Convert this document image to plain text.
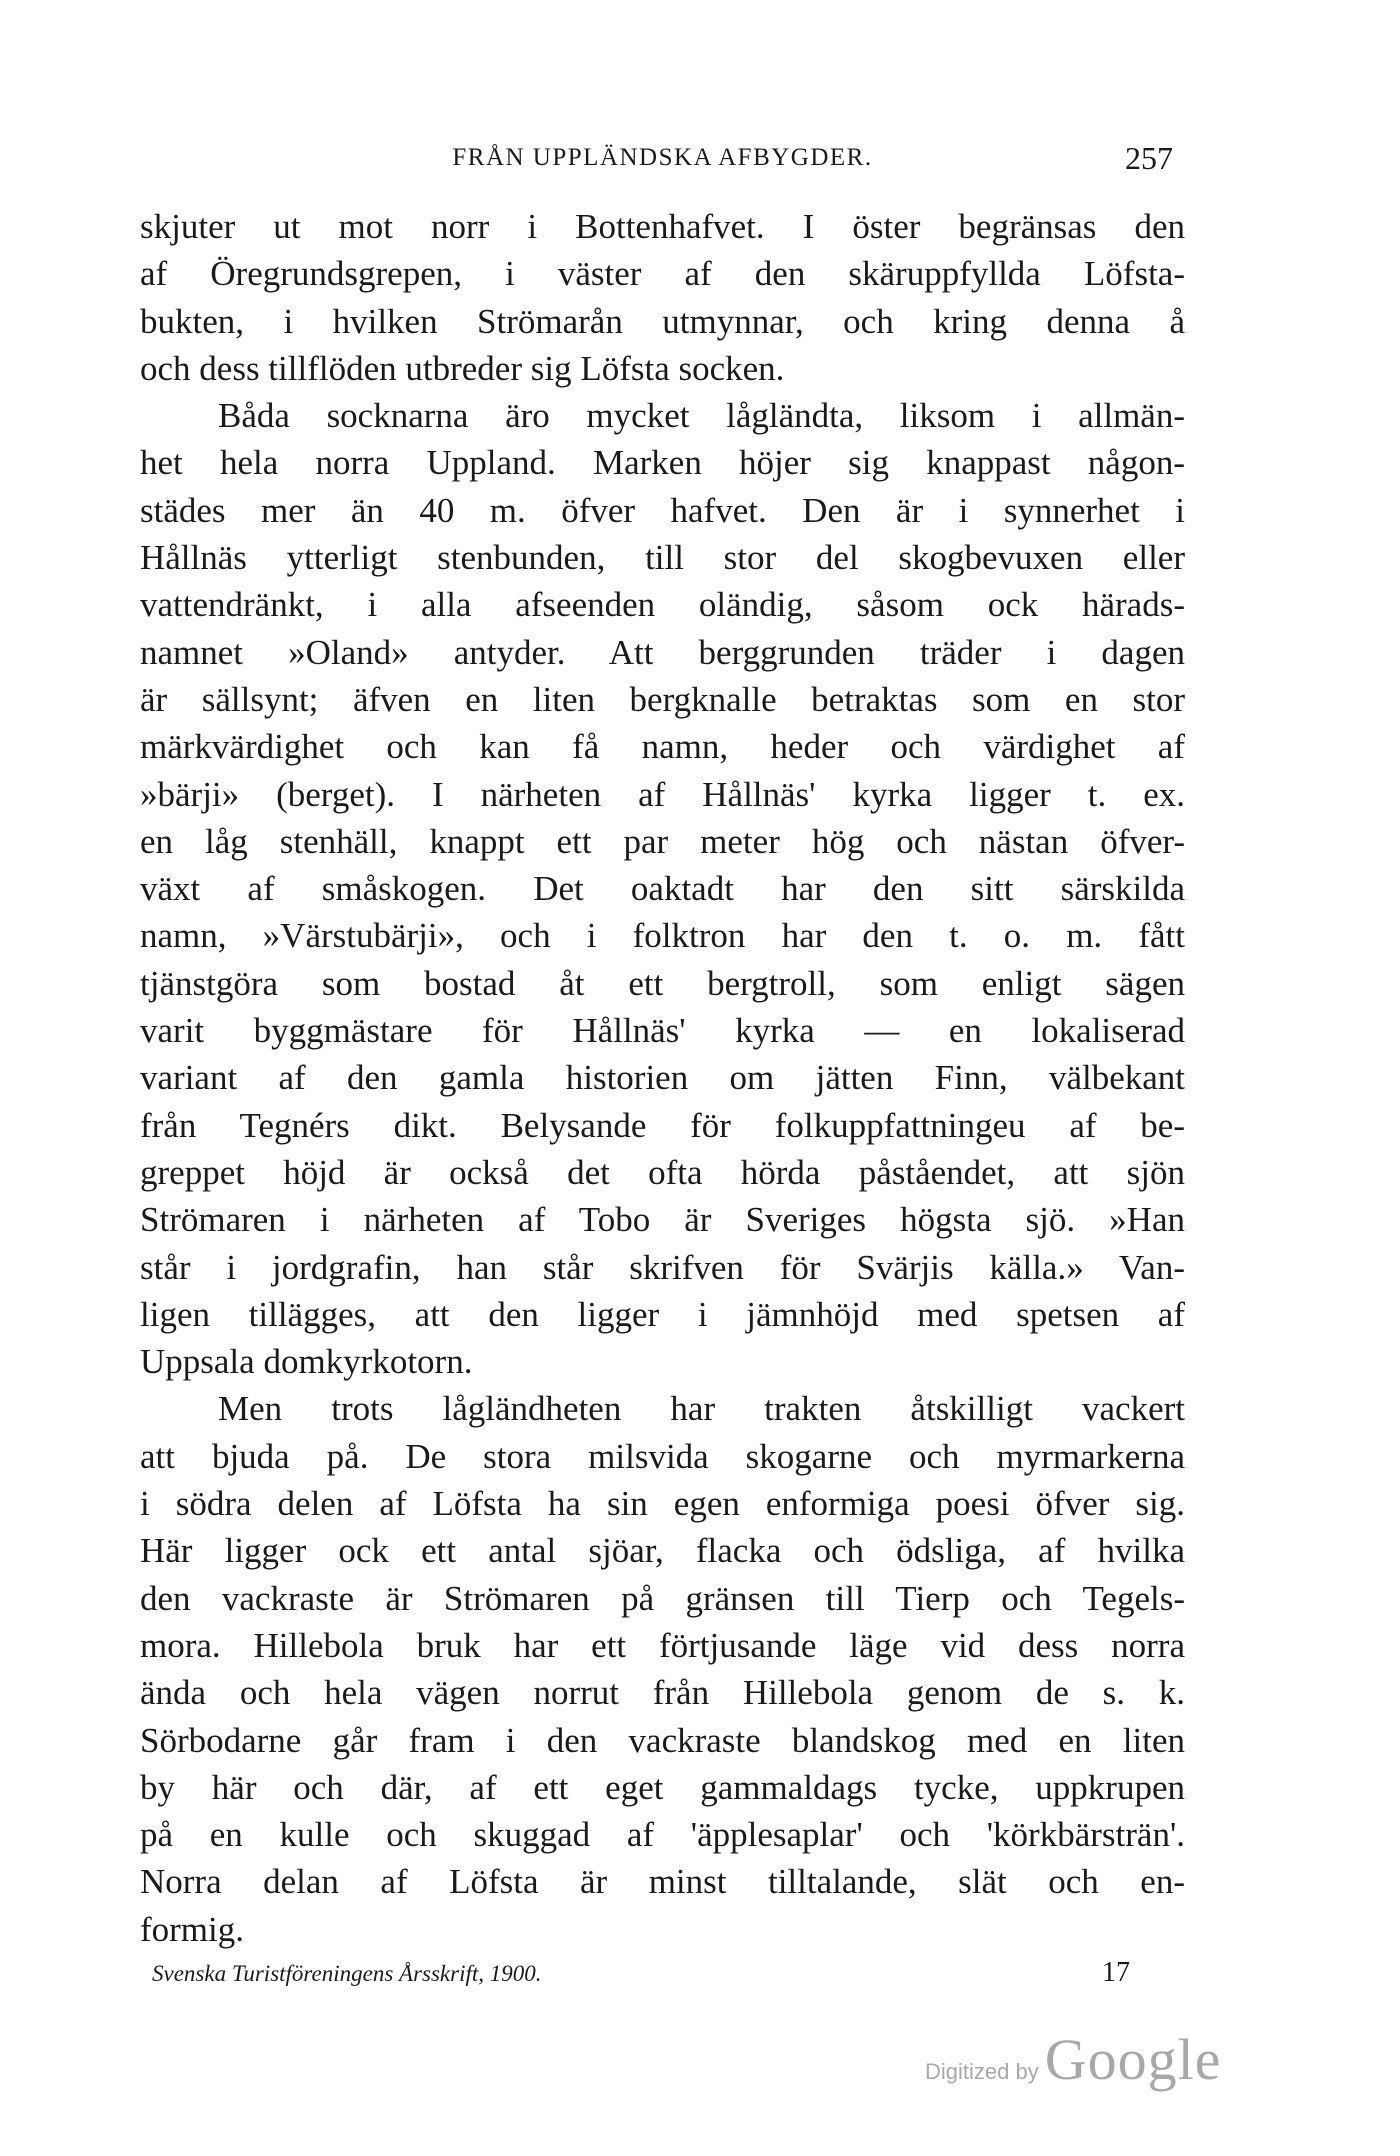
FRÅN UPPLÄNDSKA AFBYGDER.	257
skjuter ut mot norr i Bottenhafvet. I öster begränsas den
af Öregrundsgrepen, i väster af den skäruppfyllda Löfsta-
bukten, i hvilken Strömarån utmynnar, och kring denna å
och dess tillflöden utbreder sig Löfsta socken.
Båda socknarna äro mycket lågländta, liksom i allmän-
het hela norra Uppland. Marken höjer sig knappast någon-
städes mer än 40 m. öfver hafvet. Den är i synnerhet i
Hållnäs ytterligt stenbunden, till stor del skogbevuxen eller
vattendränkt, i alla afseenden oländig, såsom ock härads-
namnet »Oland» antyder. Att berggrunden träder i dagen
är sällsynt; äfven en liten bergknalle betraktas som en stor
märkvärdighet och kan få namn, heder och värdighet af
»bärji» (berget). I närheten af Hållnäs' kyrka ligger t. ex.
en låg stenhäll, knappt ett par meter hög och nästan öfver-
växt af småskogen. Det oaktadt har den sitt särskilda
namn, »Värstubärji», och i folktron har den t. o. m. fått
tjänstgöra som bostad åt ett bergtroll, som enligt sägen
varit byggmästare för Hållnäs' kyrka — en lokaliserad
variant af den gamla historien om jätten Finn, välbekant
från Tegnérs dikt. Belysande för folkuppfattningeu af be-
greppet höjd är också det ofta hörda påståendet, att sjön
Strömaren i närheten af Tobo är Sveriges högsta sjö. »Han
står i jordgrafin, han står skrifven för Svärjis källa.» Van-
ligen tillägges, att den ligger i jämnhöjd med spetsen af
Uppsala domkyrkotorn.
Men trots lågländheten har trakten åtskilligt vackert
att bjuda på. De stora milsvida skogarne och myrmarkerna
i södra delen af Löfsta ha sin egen enformiga poesi öfver sig.
Här ligger ock ett antal sjöar, flacka och ödsliga, af hvilka
den vackraste är Strömaren på gränsen till Tierp och Tegels-
mora. Hillebola bruk har ett förtjusande läge vid dess norra
ända och hela vägen norrut från Hillebola genom de s. k.
Sörbodarne går fram i den vackraste blandskog med en liten
by här och där, af ett eget gammaldags tycke, uppkrupen
på en kulle och skuggad af 'äpplesaplar' och 'körkbärsträn'.
Norra delan af Löfsta är minst tilltalande, slät och en-
formig.
Svenska Turistföreningens Årsskrift, 1900.	17
Digitized by Google
